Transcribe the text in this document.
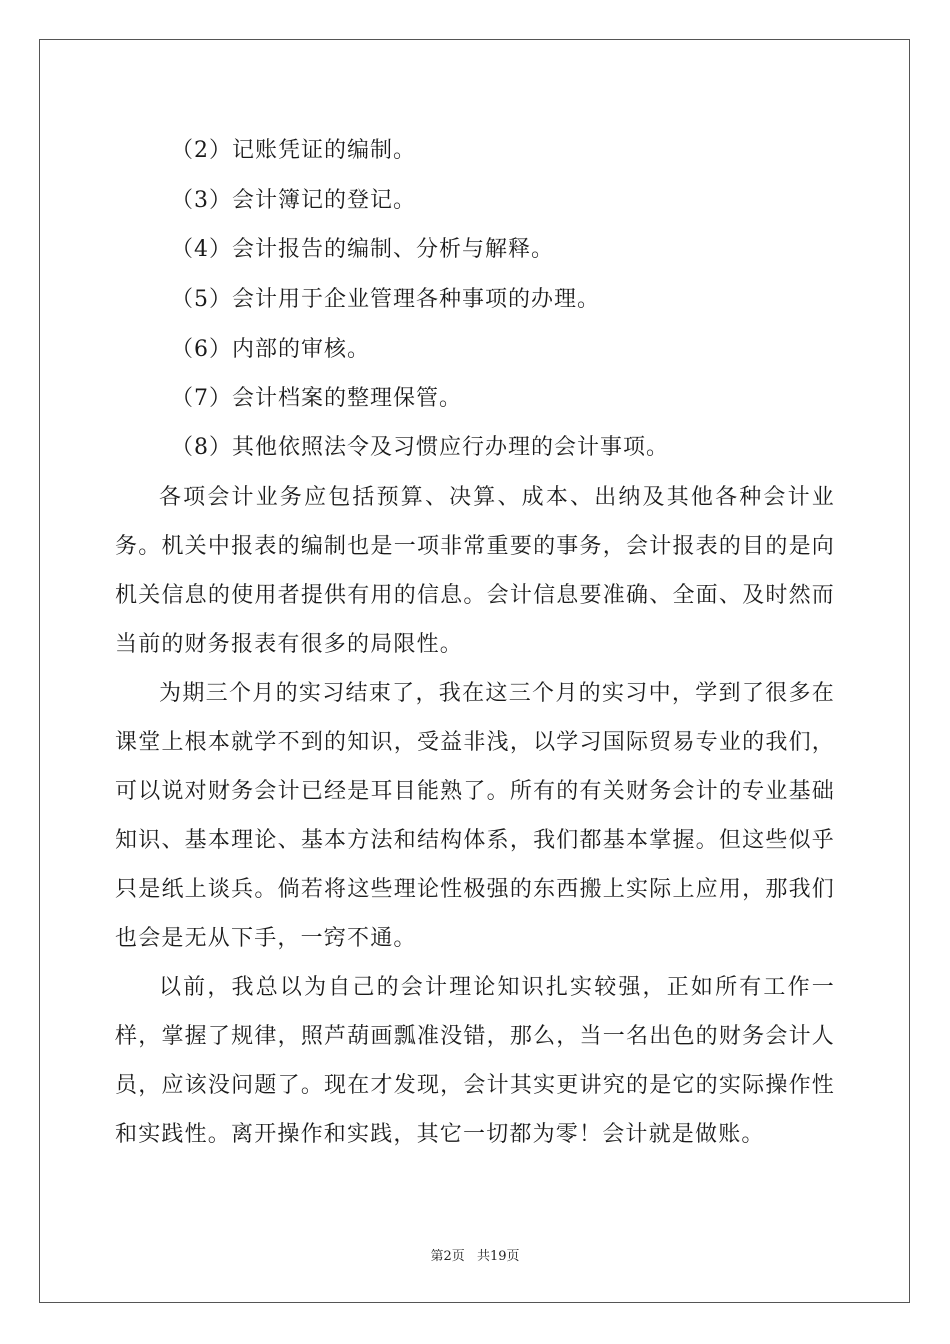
（2）记账凭证的编制。
（3）会计簿记的登记。
（4）会计报告的编制、分析与解释。
（5）会计用于企业管理各种事项的办理。
（6）内部的审核。
（7）会计档案的整理保管。
（8）其他依照法令及习惯应行办理的会计事项。

各项会计业务应包括预算、决算、成本、出纳及其他各种会计业务。机关中报表的编制也是一项非常重要的事务，会计报表的目的是向机关信息的使用者提供有用的信息。会计信息要准确、全面、及时然而当前的财务报表有很多的局限性。

为期三个月的实习结束了，我在这三个月的实习中，学到了很多在课堂上根本就学不到的知识，受益非浅，以学习国际贸易专业的我们，可以说对财务会计已经是耳目能熟了。所有的有关财务会计的专业基础知识、基本理论、基本方法和结构体系，我们都基本掌握。但这些似乎只是纸上谈兵。倘若将这些理论性极强的东西搬上实际上应用，那我们也会是无从下手，一窍不通。

以前，我总以为自己的会计理论知识扎实较强，正如所有工作一样，掌握了规律，照芦葫画瓢准没错，那么，当一名出色的财务会计人员，应该没问题了。现在才发现，会计其实更讲究的是它的实际操作性和实践性。离开操作和实践，其它一切都为零！会计就是做账。

第2页 共19页
